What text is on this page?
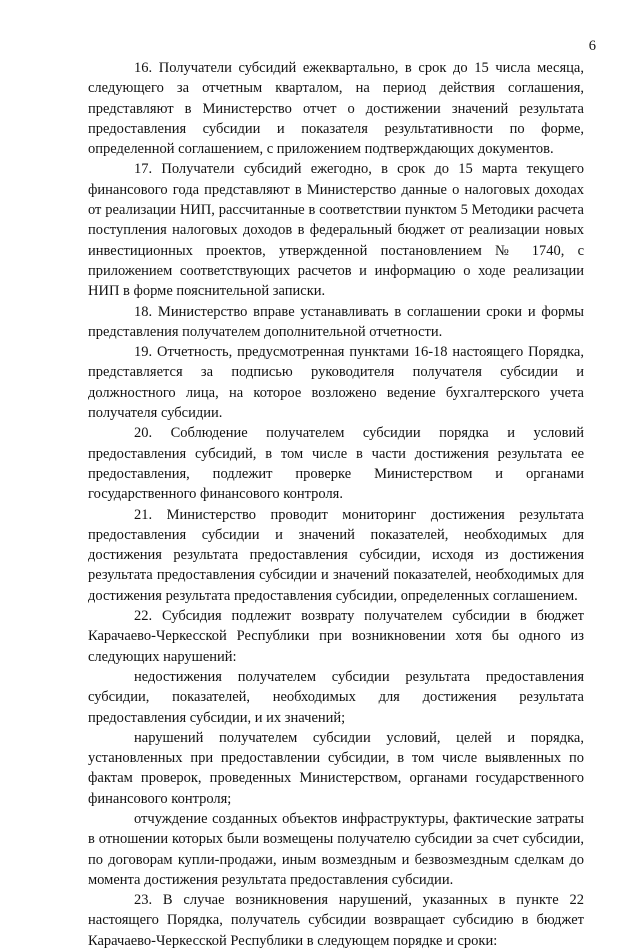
6

16. Получатели субсидий ежеквартально, в срок до 15 числа месяца, следующего за отчетным кварталом, на период действия соглашения, представляют в Министерство отчет о достижении значений результата предоставления субсидии и показателя результативности по форме, определенной соглашением, с приложением подтверждающих документов.

17. Получатели субсидий ежегодно, в срок до 15 марта текущего финансового года представляют в Министерство данные о налоговых доходах от реализации НИП, рассчитанные в соответствии пунктом 5 Методики расчета поступления налоговых доходов в федеральный бюджет от реализации новых инвестиционных проектов, утвержденной постановлением № 1740, с приложением соответствующих расчетов и информацию о ходе реализации НИП в форме пояснительной записки.

18. Министерство вправе устанавливать в соглашении сроки и формы представления получателем дополнительной отчетности.

19. Отчетность, предусмотренная пунктами 16-18 настоящего Порядка, представляется за подписью руководителя получателя субсидии и должностного лица, на которое возложено ведение бухгалтерского учета получателя субсидии.

20. Соблюдение получателем субсидии порядка и условий предоставления субсидий, в том числе в части достижения результата ее предоставления, подлежит проверке Министерством и органами государственного финансового контроля.

21. Министерство проводит мониторинг достижения результата предоставления субсидии и значений показателей, необходимых для достижения результата предоставления субсидии, исходя из достижения результата предоставления субсидии и значений показателей, необходимых для достижения результата предоставления субсидии, определенных соглашением.

22. Субсидия подлежит возврату получателем субсидии в бюджет Карачаево-Черкесской Республики при возникновении хотя бы одного из следующих нарушений:

недостижения получателем субсидии результата предоставления субсидии, показателей, необходимых для достижения результата предоставления субсидии, и их значений;

нарушений получателем субсидии условий, целей и порядка, установленных при предоставлении субсидии, в том числе выявленных по фактам проверок, проведенных Министерством, органами государственного финансового контроля;

отчуждение созданных объектов инфраструктуры, фактические затраты в отношении которых были возмещены получателю субсидии за счет субсидии, по договорам купли-продажи, иным возмездным и безвозмездным сделкам до момента достижения результата предоставления субсидии.

23. В случае возникновения нарушений, указанных в пункте 22 настоящего Порядка, получатель субсидии возвращает субсидию в бюджет Карачаево-Черкесской Республики в следующем порядке и сроки:
